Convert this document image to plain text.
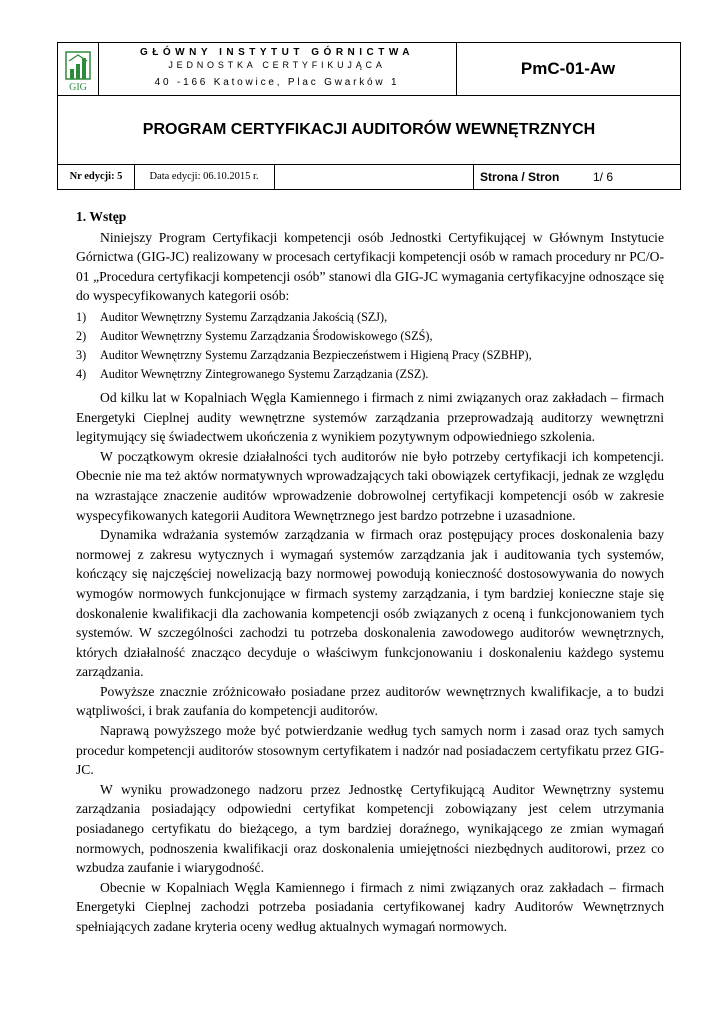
GIG
GŁÓWNY INSTYTUT GÓRNICTWA
JEDNOSTKA CERTYFIKUJĄCA
40 -166 Katowice, Plac Gwarków 1
PmC-01-Aw
PROGRAM CERTYFIKACJI AUDITORÓW WEWNĘTRZNYCH
Nr edycji: 5	Data edycji: 06.10.2015 r.	Strona / Stron	1/ 6
1. Wstęp

Niniejszy Program Certyfikacji kompetencji osób Jednostki Certyfikującej w Głównym Instytucie Górnictwa (GIG-JC) realizowany w procesach certyfikacji kompetencji osób w ramach procedury nr PC/O-01 „Procedura certyfikacji kompetencji osób” stanowi dla GIG-JC wymagania certyfikacyjne odnoszące się do wyspecyfikowanych kategorii osób:

1) Auditor Wewnętrzny Systemu Zarządzania Jakością (SZJ),
2) Auditor Wewnętrzny Systemu Zarządzania Środowiskowego (SZŚ),
3) Auditor Wewnętrzny Systemu Zarządzania Bezpieczeństwem i Higieną Pracy (SZBHP),
4) Auditor Wewnętrzny Zintegrowanego Systemu Zarządzania (ZSZ).

Od kilku lat w Kopalniach Węgla Kamiennego i firmach z nimi związanych oraz zakładach – firmach Energetyki Cieplnej audity wewnętrzne systemów zarządzania przeprowadzają auditorzy wewnętrzni legitymujący się świadectwem ukończenia z wynikiem pozytywnym odpowiedniego szkolenia.

W początkowym okresie działalności tych auditorów nie było potrzeby certyfikacji ich kompetencji. Obecnie nie ma też aktów normatywnych wprowadzających taki obowiązek certyfikacji, jednak ze względu na wzrastające znaczenie auditów wprowadzenie dobrowolnej certyfikacji kompetencji osób w zakresie wyspecyfikowanych kategorii Auditora Wewnętrznego jest bardzo potrzebne i uzasadnione.

Dynamika wdrażania systemów zarządzania w firmach oraz postępujący proces doskonalenia bazy normowej z zakresu wytycznych i wymagań systemów zarządzania jak i auditowania tych systemów, kończący się najczęściej nowelizacją bazy normowej powodują konieczność dostosowywania do nowych wymogów normowych funkcjonujące w firmach systemy zarządzania, i tym bardziej konieczne staje się doskonalenie kwalifikacji dla zachowania kompetencji osób związanych z oceną i funkcjonowaniem tych systemów. W szczególności zachodzi tu potrzeba doskonalenia zawodowego auditorów wewnętrznych, których działalność znacząco decyduje o właściwym funkcjonowaniu i doskonaleniu każdego systemu zarządzania.

Powyższe znacznie zróżnicowało posiadane przez auditorów wewnętrznych kwalifikacje, a to budzi wątpliwości, i brak zaufania do kompetencji auditorów.

Naprawą powyższego może być potwierdzanie według tych samych norm i zasad oraz tych samych procedur kompetencji auditorów stosownym certyfikatem i nadzór nad posiadaczem certyfikatu przez GIG-JC.

W wyniku prowadzonego nadzoru przez Jednostkę Certyfikującą Auditor Wewnętrzny systemu zarządzania posiadający odpowiedni certyfikat kompetencji zobowiązany jest celem utrzymania posiadanego certyfikatu do bieżącego, a tym bardziej doraźnego, wynikającego ze zmian wymagań normowych, podnoszenia kwalifikacji oraz doskonalenia umiejętności niezbędnych auditorowi, przez co wzbudza zaufanie i wiarygodność.

Obecnie w Kopalniach Węgla Kamiennego i firmach z nimi związanych oraz zakładach – firmach Energetyki Cieplnej zachodzi potrzeba posiadania certyfikowanej kadry Auditorów Wewnętrznych spełniających zadane kryteria oceny według aktualnych wymagań normowych.
